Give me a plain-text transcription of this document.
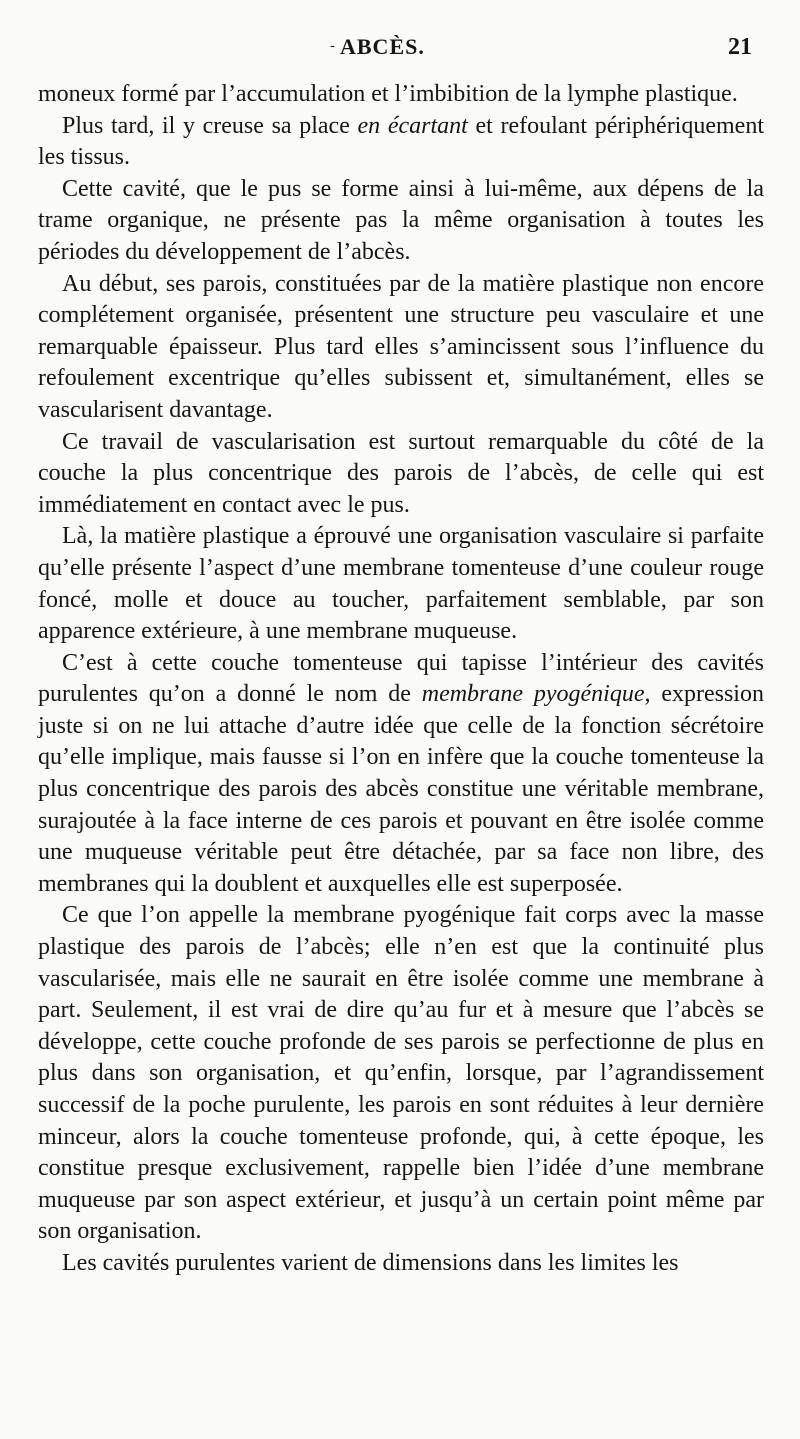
- ABCÈS.	21

moneux formé par l’accumulation et l’imbibition de la lymphe plastique.

Plus tard, il y creuse sa place en écartant et refoulant périphériquement les tissus.

Cette cavité, que le pus se forme ainsi à lui-même, aux dépens de la trame organique, ne présente pas la même organisation à toutes les périodes du développement de l’abcès.

Au début, ses parois, constituées par de la matière plastique non encore complétement organisée, présentent une structure peu vasculaire et une remarquable épaisseur. Plus tard elles s’amincissent sous l’influence du refoulement excentrique qu’elles subissent et, simultanément, elles se vascularisent davantage.

Ce travail de vascularisation est surtout remarquable du côté de la couche la plus concentrique des parois de l’abcès, de celle qui est immédiatement en contact avec le pus.

Là, la matière plastique a éprouvé une organisation vasculaire si parfaite qu’elle présente l’aspect d’une membrane tomenteuse d’une couleur rouge foncé, molle et douce au toucher, parfaitement semblable, par son apparence extérieure, à une membrane muqueuse.

C’est à cette couche tomenteuse qui tapisse l’intérieur des cavités purulentes qu’on a donné le nom de membrane pyogénique, expression juste si on ne lui attache d’autre idée que celle de la fonction sécrétoire qu’elle implique, mais fausse si l’on en infère que la couche tomenteuse la plus concentrique des parois des abcès constitue une véritable membrane, surajoutée à la face interne de ces parois et pouvant en être isolée comme une muqueuse véritable peut être détachée, par sa face non libre, des membranes qui la doublent et auxquelles elle est superposée.

Ce que l’on appelle la membrane pyogénique fait corps avec la masse plastique des parois de l’abcès; elle n’en est que la continuité plus vascularisée, mais elle ne saurait en être isolée comme une membrane à part. Seulement, il est vrai de dire qu’au fur et à mesure que l’abcès se développe, cette couche profonde de ses parois se perfectionne de plus en plus dans son organisation, et qu’enfin, lorsque, par l’agrandissement successif de la poche purulente, les parois en sont réduites à leur dernière minceur, alors la couche tomenteuse profonde, qui, à cette époque, les constitue presque exclusivement, rappelle bien l’idée d’une membrane muqueuse par son aspect extérieur, et jusqu’à un certain point même par son organisation.

Les cavités purulentes varient de dimensions dans les limites les
